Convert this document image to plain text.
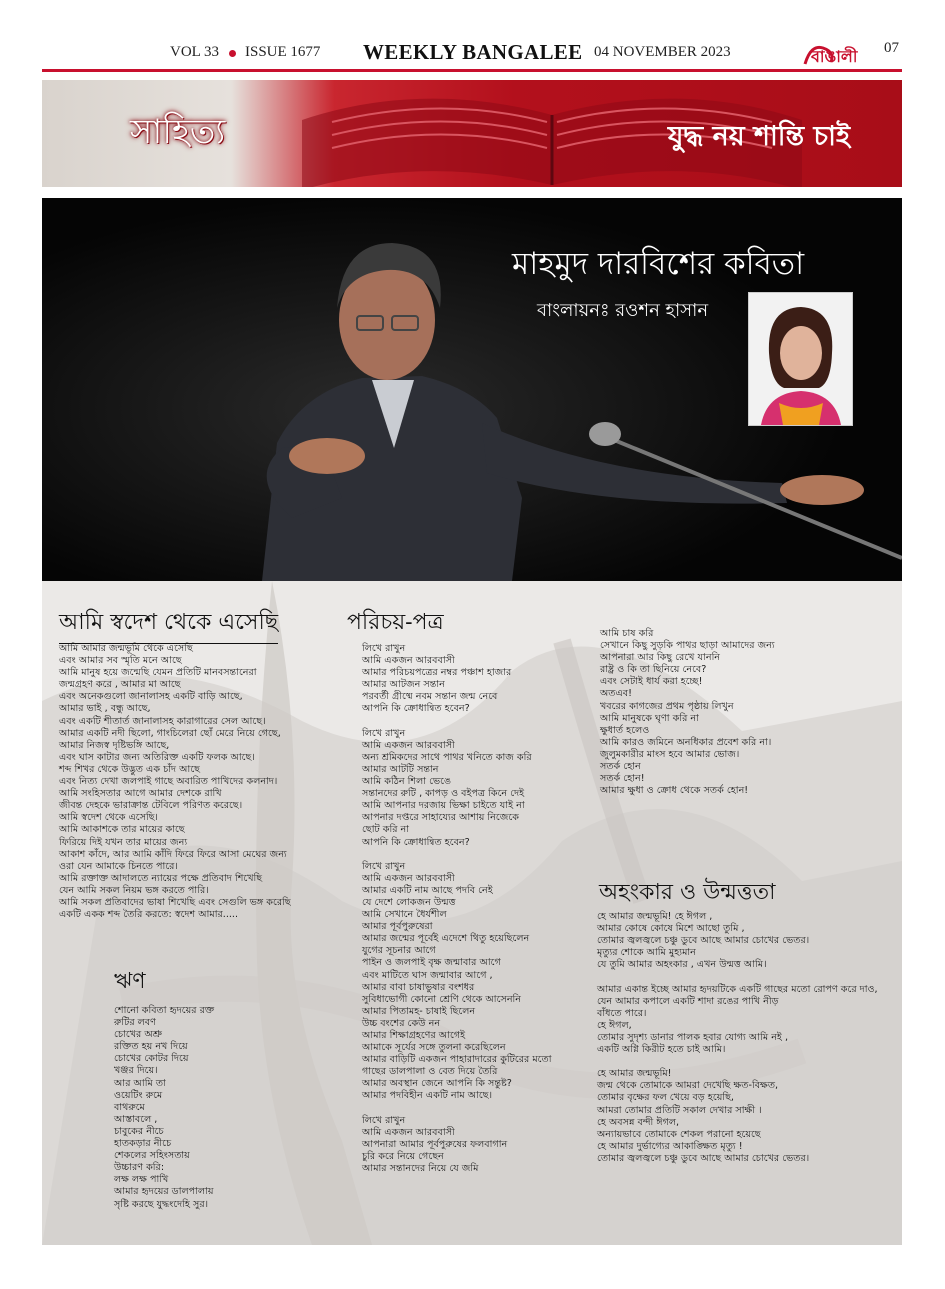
VOL 33 ISSUE 1677 WEEKLY BANGALEE 04 NOVEMBER 2023	বাঙালী 07
সাহিত্য	যুদ্ধ নয় শান্তি চাই
মাহমুদ দারবিশের কবিতা
বাংলায়নঃ রওশন হাসান
আমি স্বদেশ থেকে এসেছি
আমি আমার জন্মভূমি থেকে এসেছি
এবং আমার সব স্মৃতি মনে আছে
আমি মানুষ হয়ে জন্মেছি যেমন প্রতিটি মানবসন্তানেরা
জন্মগ্রহণ করে , আমার মা আছে
এবং অনেকগুলো জানালাসহ একটি বাড়ি আছে,
আমার ভাই , বন্ধু আছে,
এবং একটি শীতার্ত জানালাসহ কারাগারের সেল আছে।
আমার একটি নদী ছিলো, গাংচিলেরা ছোঁ মেরে নিয়ে গেছে,
আমার নিজস্ব দৃষ্টিভঙ্গি আছে,
এবং ঘাস কাটার জন্য অতিরিক্ত একটি ফলক আছে।
শব্দ শিখর থেকে উদ্ভুত এক চাঁদ আছে
এবং নিত্য দেখা জলপাই গাছে অবারিত পাখিদের কলনাদ।
আমি সংহিসতার আগে আমার দেশকে রাখি
জীবন্ত দেহকে ভারাক্রান্ত টেবিলে পরিণত করেছে।
আমি স্বদেশ থেকে এসেছি।
আমি আকাশকে তার মায়ের কাছে
ফিরিয়ে দিই যখন তার মায়ের জন্য
আকাশ কাঁদে, আর আমি কাঁদি ফিরে ফিরে আসা মেঘের জন্য
ওরা যেন আমাকে চিনতে পারে।
আমি রক্তাক্ত আদালতে ন্যায়ের পক্ষে প্রতিবাদ শিখেছি
যেন আমি সকল নিয়ম ভঙ্গ করতে পারি।
আমি সকল প্রতিবাদের ভাষা শিখেছি এবং সেগুলি ভঙ্গ করেছি
একটি একক শব্দ তৈরি করতে: স্বদেশ আমার.....
ঋণ
শোনো কবিতা হৃদয়ের রক্ত
রুটির লবণ
চোখের অশ্রু
রক্তিত হয় নখ দিয়ে
চোখের কোটর দিয়ে
খঞ্জর দিয়ে।
আর আমি তা
ওয়েটিং রুমে
বাথরুমে
আস্তাবলে ,
চাবুকের নীচে
হাতকড়ার নীচে
শেকলের সহিংসতায়
উচ্চারণ করি:
লক্ষ লক্ষ পাখি
আমার হৃদয়ের ডালপালায়
সৃষ্টি করছে যুদ্ধংদেহি সুর।
পরিচয়-পত্র
লিখে রাখুন
আমি একজন আরববাসী
আমার পরিচয়পত্রের নম্বর পঞ্চাশ হাজার
আমার আটজন সন্তান
পরবর্তী গ্রীষ্মে নবম সন্তান জন্ম নেবে
আপনি কি ক্রোধান্বিত হবেন?
লিখে রাখুন
আমি একজন আরববাসী
অন্য শ্রমিকদের সাথে পাথর খনিতে কাজ করি
আমার আটটি সন্তান
আমি কঠিন শিলা ভেঙে
সন্তানদের রুটি , কাপড় ও বইপত্র কিনে দেই
আমি আপনার দরজায় ভিক্ষা চাইতে যাই না
আপনার দপ্তরে সাহায্যের আশায় নিজেকে
ছোট করি না
আপনি কি ক্রোধান্বিত হবেন?
লিখে রাখুন
আমি একজন আরববাসী
আমার একটি নাম আছে পদবি নেই
যে দেশে লোকজন উন্মত্ত
আমি সেখানে ধৈর্যশীল
আমার পূর্বপুরুষেরা
আমার জন্মের পূর্বেই এদেশে থিতু হয়েছিলেন
যুগের সূচনার আগে
পাইন ও জলপাই বৃক্ষ জন্মাবার আগে
এবং মাটিতে ঘাস জন্মাবার আগে ,
আমার বাবা চাষাভুষার বংশধর
সুবিধাভোগী কোনো শ্রেণি থেকে আসেননি
আমার পিতামহ- চাষাই ছিলেন
উচ্চ বংশের কেউ নন
আমার শিক্ষাগ্রহণের আগেই
আমাকে সূর্যের সঙ্গে তুলনা করেছিলেন
আমার বাড়িটি একজন পাহারাদারের কুটিরের মতো
গাছের ডালপালা ও বেত দিয়ে তৈরি
আমার অবস্থান জেনে আপনি কি সন্তুষ্ট?
আমার পদবিহীন একটি নাম আছে।
লিখে রাখুন
আমি একজন আরববাসী
আপনারা আমার পূর্বপুরুষের ফলবাগান
চুরি করে নিয়ে গেছেন
আমার সন্তানদের নিয়ে যে জমি
আমি চাষ করি
সেখানে কিছু সুড়কি পাথর ছাড়া আমাদের জন্য
আপনারা আর কিছু রেখে যাননি
রাষ্ট্র ও কি তা ছিনিয়ে নেবে?
এবং সেটাই ধার্য করা হচ্ছে!
অতএব!
খবরের কাগজের প্রথম পৃষ্ঠায় লিখুন
আমি মানুষকে ঘৃণা করি না
ক্ষুধার্ত হলেও
আমি কারও জমিনে অনধিকার প্রবেশ করি না।
জুলুমকারীর মাংস হবে আমার ভোজ।
সতর্ক হোন
সতর্ক হোন!
আমার ক্ষুধা ও ক্রোধ থেকে সতর্ক হোন!
অহংকার ও উন্মত্ততা
হে আমার জন্মভূমি! হে ঈগল ,
আমার কোষে কোষে মিশে আছো তুমি ,
তোমার জ্বলজ্বলে চঞ্চু ডুবে আছে আমার চোখের ভেতর।
মৃত্যুর শোকে আমি মুহ্যমান
যে তুমি আমার অহংকার , এখন উন্মত্ত আমি।
আমার একান্ত ইচ্ছে আমার হৃদয়টিকে একটি গাছের মতো রোপণ করে দাও,
যেন আমার কপালে একটি শাদা রঙের পাখি নীড়
বাঁধতে পারে।
হে ঈগল,
তোমার সুদৃশ্য ডানার পালক হবার যোগ্য আমি নই ,
একটি অগ্নি কিরীট হতে চাই আমি।
হে আমার জন্মভূমি!
জন্ম থেকে তোমাকে আমরা দেখেছি ক্ষত-বিক্ষত,
তোমার বৃক্ষের ফল খেয়ে বড় হয়েছি,
আমরা তোমার প্রতিটি সকাল দেখার সাক্ষী ।
হে অবসন্ন বন্দী ঈগল,
অন্যায়ভাবে তোমাকে শেকল পরানো হয়েছে
হে আমার দুর্ভাগ্যের আকাঙ্ক্ষিত মৃত্যু !
তোমার জ্বলজ্বলে চঞ্চু ডুবে আছে আমার চোখের ভেতর।
